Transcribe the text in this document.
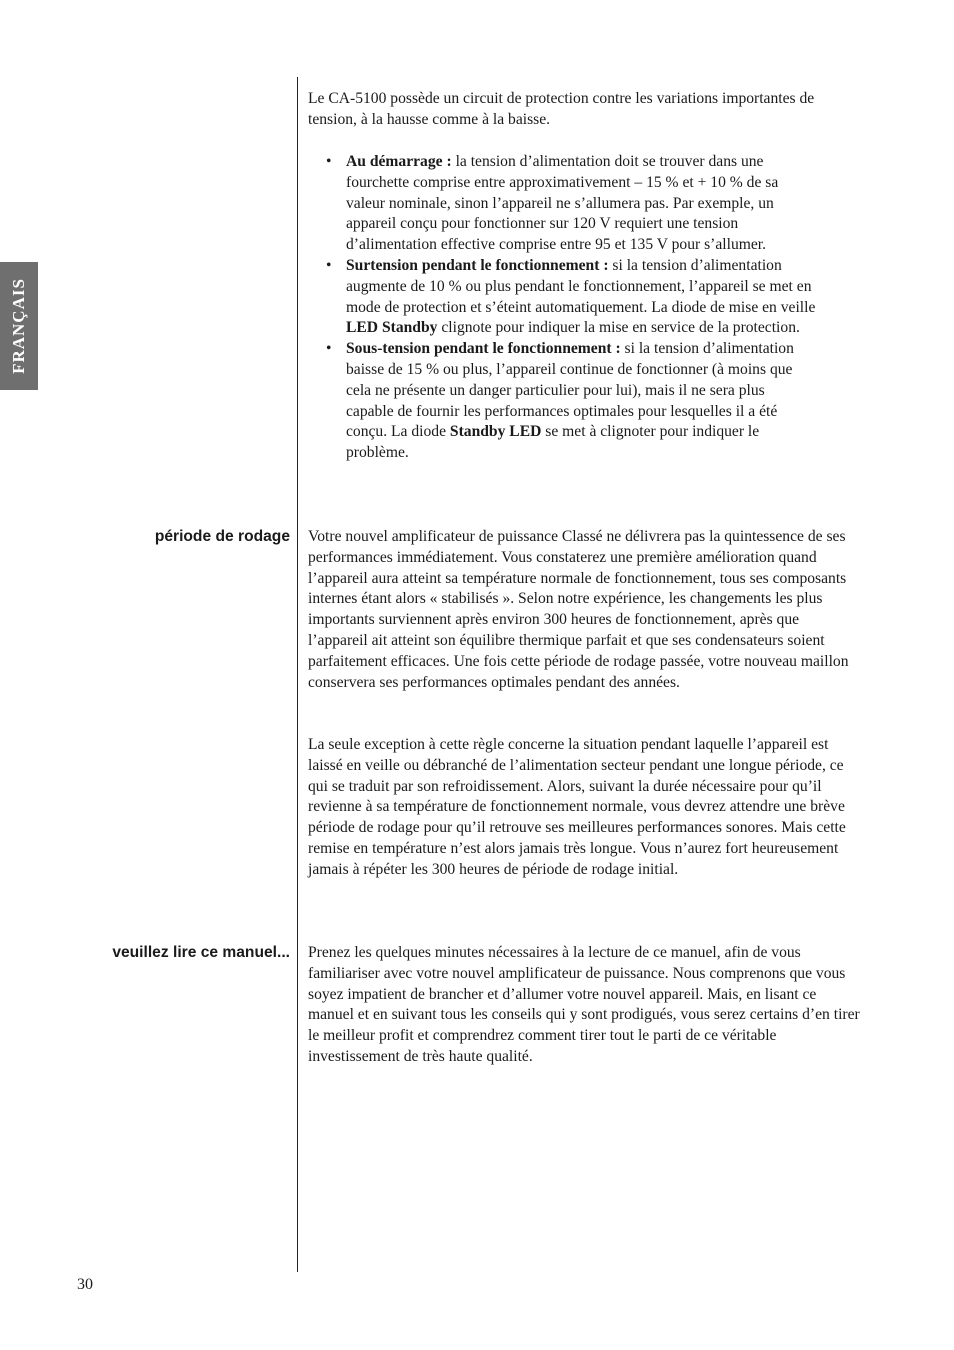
FRANÇAIS

Le CA-5100 possède un circuit de protection contre les variations importantes de tension, à la hausse comme à la baisse.

• Au démarrage : la tension d’alimentation doit se trouver dans une fourchette comprise entre approximativement – 15 % et + 10 % de sa valeur nominale, sinon l’appareil ne s’allumera pas. Par exemple, un appareil conçu pour fonctionner sur 120 V requiert une tension d’alimentation effective comprise entre 95 et 135 V pour s’allumer.
• Surtension pendant le fonctionnement : si la tension d’alimentation augmente de 10 % ou plus pendant le fonctionnement, l’appareil se met en mode de protection et s’éteint automatiquement. La diode de mise en veille LED Standby clignote pour indiquer la mise en service de la protection.
• Sous-tension pendant le fonctionnement : si la tension d’alimentation baisse de 15 % ou plus, l’appareil continue de fonctionner (à moins que cela ne présente un danger particulier pour lui), mais il ne sera plus capable de fournir les performances optimales pour lesquelles il a été conçu. La diode Standby LED se met à clignoter pour indiquer le problème.
période de rodage Votre nouvel amplificateur de puissance Classé ne délivrera pas la quintessence de ses performances immédiatement. Vous constaterez une première amélioration quand l’appareil aura atteint sa température normale de fonctionnement, tous ses composants internes étant alors « stabilisés ». Selon notre expérience, les changements les plus importants surviennent après environ 300 heures de fonctionnement, après que l’appareil ait atteint son équilibre thermique parfait et que ses condensateurs soient parfaitement efficaces. Une fois cette période de rodage passée, votre nouveau maillon conservera ses performances optimales pendant des années.

La seule exception à cette règle concerne la situation pendant laquelle l’appareil est laissé en veille ou débranché de l’alimentation secteur pendant une longue période, ce qui se traduit par son refroidissement. Alors, suivant la durée nécessaire pour qu’il revienne à sa température de fonctionnement normale, vous devrez attendre une brève période de rodage pour qu’il retrouve ses meilleures performances sonores. Mais cette remise en température n’est alors jamais très longue. Vous n’aurez fort heureusement jamais à répéter les 300 heures de période de rodage initial.

veuillez lire ce manuel... Prenez les quelques minutes nécessaires à la lecture de ce manuel, afin de vous familiariser avec votre nouvel amplificateur de puissance. Nous comprenons que vous soyez impatient de brancher et d’allumer votre nouvel appareil. Mais, en lisant ce manuel et en suivant tous les conseils qui y sont prodigués, vous serez certains d’en tirer le meilleur profit et comprendrez comment tirer tout le parti de ce véritable investissement de très haute qualité.

30
